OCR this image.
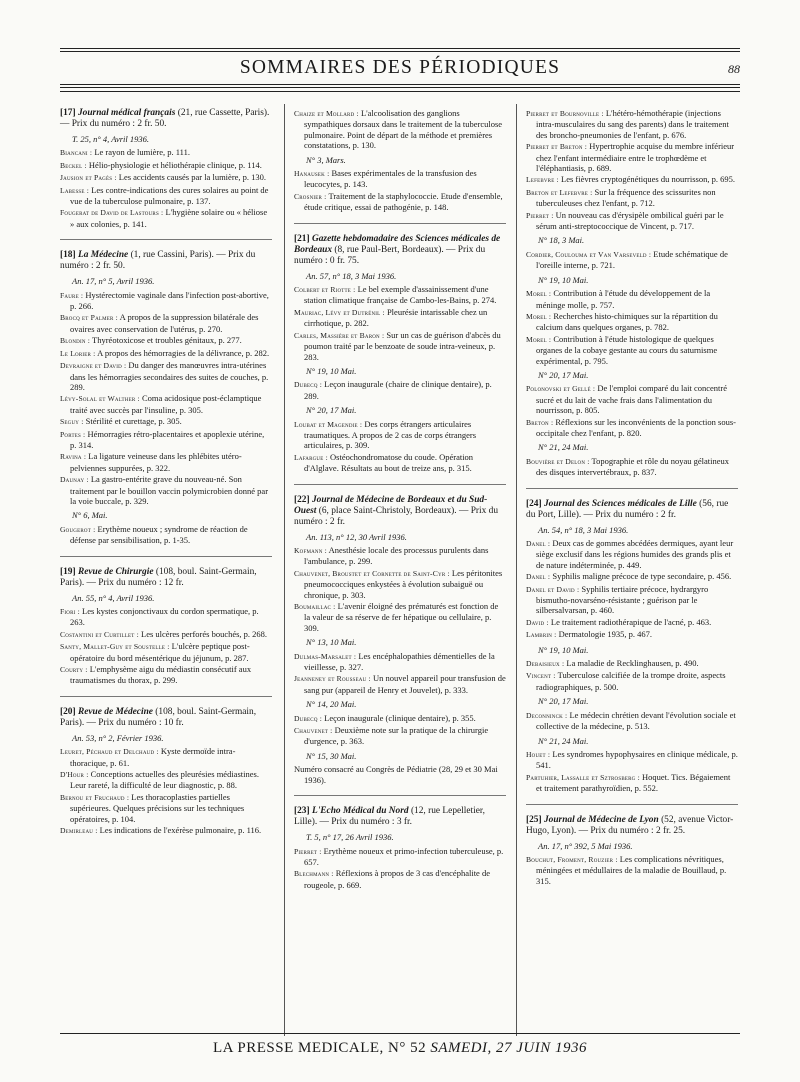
SOMMAIRES DES PÉRIODIQUES	88
[17] Journal médical français (21, rue Cassette, Paris). — Prix du numéro : 2 fr. 50.
T. 25, n° 4, Avril 1936.
Biancani : Le rayon de lumière, p. 111.
Beckel : Hélio-physiologie et héliothérapie clinique, p. 114.
Jausion et Pagès : Les accidents causés par la lumière, p. 130.
Labesse : Les contre-indications des cures solaires au point de vue de la tuberculose pulmonaire, p. 137.
Fougerat de David de Lastours : L'hygiène solaire ou « héliose » aux colonies, p. 141.
[18] La Médecine (1, rue Cassini, Paris). — Prix du numéro : 2 fr. 50.
An. 17, n° 5, Avril 1936.
Faure : Hystérectomie vaginale dans l'infection post-abortive, p. 266.
Brocq et Palmer : A propos de la suppression bilatérale des ovaires avec conservation de l'utérus, p. 270.
Blondin : Thyréotoxicose et troubles génitaux, p. 277.
Le Lorier : A propos des hémorragies de la délivrance, p. 282.
Devraigne et David : Du danger des manœuvres intra-utérines dans les hémorragies secondaires des suites de couches, p. 289.
Lévy-Solal et Walther : Coma acidosique post-éclamptique traité avec succès par l'insuline, p. 305.
Seguy : Stérilité et curettage, p. 305.
Portes : Hémorragies rétro-placentaires et apoplexie utérine, p. 314.
Ravina : La ligature veineuse dans les phlébites utéro-pelviennes suppurées, p. 322.
Daunay : La gastro-entérite grave du nouveau-né. Son traitement par le bouillon vaccin polymicrobien donné par la voie buccale, p. 329.
N° 6, Mai.
Gougerot : Erythème noueux ; syndrome de réaction de défense par sensibilisation, p. 1-35.
[19] Revue de Chirurgie (108, boul. Saint-Germain, Paris). — Prix du numéro : 12 fr.
An. 55, n° 4, Avril 1936.
Fiori : Les kystes conjonctivaux du cordon spermatique, p. 263.
Costantini et Curtillet : Les ulcères perforés bouchés, p. 268.
Santy, Mallet-Guy et Soustelle : L'ulcère peptique post-opératoire du bord mésentérique du jéjunum, p. 287.
Courty : L'emphysème aigu du médiastin consécutif aux traumatismes du thorax, p. 299.
[20] Revue de Médecine (108, boul. Saint-Germain, Paris). — Prix du numéro : 10 fr.
An. 53, n° 2, Février 1936.
Leuret, Péchaud et Delchaud : Kyste dermoïde intra-thoracique, p. 61.
D'Hour : Conceptions actuelles des pleurésies médiastines. Leur rareté, la difficulté de leur diagnostic, p. 88.
Bernou et Fruchaud : Les thoracoplasties partielles supérieures. Quelques précisions sur les techniques opératoires, p. 104.
Demirleau : Les indications de l'exérèse pulmonaire, p. 116.
Chaize et Mollard : L'alcoolisation des ganglions sympathiques dorsaux dans le traitement de la tuberculose pulmonaire. Point de départ de la méthode et premières constatations, p. 130.
N° 3, Mars.
Hanausek : Bases expérimentales de la transfusion des leucocytes, p. 143.
Crosnier : Traitement de la staphylococcie. Etude d'ensemble, étude critique, essai de pathogénie, p. 148.
[21] Gazette hebdomadaire des Sciences médicales de Bordeaux (8, rue Paul-Bert, Bordeaux). — Prix du numéro : 0 fr. 75.
An. 57, n° 18, 3 Mai 1936.
Colbert et Riotte : Le bel exemple d'assainissement d'une station climatique française de Cambo-les-Bains, p. 274.
Mauriac, Lévy et Dutrénil : Pleurésie intarissable chez un cirrhotique, p. 282.
Carles, Massière et Baron : Sur un cas de guérison d'abcès du poumon traité par le benzoate de soude intra-veineux, p. 283.
N° 19, 10 Mai.
Dubecq : Leçon inaugurale (chaire de clinique dentaire), p. 289.
N° 20, 17 Mai.
Loubat et Magendie : Des corps étrangers articulaires traumatiques. A propos de 2 cas de corps étrangers articulaires, p. 309.
Lafargue : Ostéochondromatose du coude. Opération d'Alglave. Résultats au bout de treize ans, p. 315.
[22] Journal de Médecine de Bordeaux et du Sud-Ouest (6, place Saint-Christoly, Bordeaux). — Prix du numéro : 2 fr.
An. 113, n° 12, 30 Avril 1936.
Kofmann : Anesthésie locale des processus purulents dans l'ambulance, p. 299.
Chauvenet, Broustet et Cornette de Saint-Cyr : Les péritonites pneumococciques enkystées à évolution subaiguë ou chronique, p. 303.
Boumaillac : L'avenir éloigné des prématurés est fonction de la valeur de sa réserve de fer hépatique ou cellulaire, p. 309.
N° 13, 10 Mai.
Dulmas-Marsalet : Les encéphalopathies démentielles de la vieillesse, p. 327.
Jeanneney et Rousseau : Un nouvel appareil pour transfusion de sang pur (appareil de Henry et Jouvelet), p. 333.
N° 14, 20 Mai.
Dubecq : Leçon inaugurale (clinique dentaire), p. 355.
Chauvenet : Deuxième note sur la pratique de la chirurgie d'urgence, p. 363.
N° 15, 30 Mai.
Numéro consacré au Congrès de Pédiatrie (28, 29 et 30 Mai 1936).
[23] L'Echo Médical du Nord (12, rue Lepelletier, Lille). — Prix du numéro : 3 fr.
T. 5, n° 17, 26 Avril 1936.
Pierret : Erythème noueux et primo-infection tuberculeuse, p. 657.
Blechmann : Réflexions à propos de 3 cas d'encéphalite de rougeole, p. 669.
Pierret et Bournoville : L'hétéro-hémothérapie (injections intra-musculaires du sang des parents) dans le traitement des broncho-pneumonies de l'enfant, p. 676.
Pierret et Breton : Hypertrophie acquise du membre inférieur chez l'enfant intermédiaire entre le trophœdème et l'éléphantiasis, p. 689.
Lefebvre : Les fièvres cryptogénétiques du nourrisson, p. 695.
Breton et Lefebvre : Sur la fréquence des scissurites non tuberculeuses chez l'enfant, p. 712.
Pierret : Un nouveau cas d'érysipèle ombilical guéri par le sérum anti-streptococcique de Vincent, p. 717.
N° 18, 3 Mai.
Cordier, Coulouma et Van Varseveld : Etude schématique de l'oreille interne, p. 721.
N° 19, 10 Mai.
Morel : Contribution à l'étude du développement de la méninge molle, p. 757.
Morel : Recherches histo-chimiques sur la répartition du calcium dans quelques organes, p. 782.
Morel : Contribution à l'étude histologique de quelques organes de la cobaye gestante au cours du saturnisme expérimental, p. 795.
N° 20, 17 Mai.
Polonovski et Gellé : De l'emploi comparé du lait concentré sucré et du lait de vache frais dans l'alimentation du nourrisson, p. 805.
Breton : Réflexions sur les inconvénients de la ponction sous-occipitale chez l'enfant, p. 820.
N° 21, 24 Mai.
Bouvière et Delon : Topographie et rôle du noyau gélatineux des disques intervertébraux, p. 837.
[24] Journal des Sciences médicales de Lille (56, rue du Port, Lille). — Prix du numéro : 2 fr.
An. 54, n° 18, 3 Mai 1936.
Danel : Deux cas de gommes abcédées dermiques, ayant leur siège exclusif dans les régions humides des grands plis et de nature indéterminée, p. 449.
Danel : Syphilis maligne précoce de type secondaire, p. 456.
Danel et David : Syphilis tertiaire précoce, hydrargyro bismutho-novarséno-résistante ; guérison par le silbersalvarsan, p. 460.
David : Le traitement radiothérapique de l'acné, p. 463.
Lambrin : Dermatologie 1935, p. 467.
N° 19, 10 Mai.
Debaisieux : La maladie de Recklinghausen, p. 490.
Vincent : Tuberculose calcifiée de la trompe droite, aspects radiographiques, p. 500.
N° 20, 17 Mai.
Deconninck : Le médecin chrétien devant l'évolution sociale et collective de la médecine, p. 513.
N° 21, 24 Mai.
Houet : Les syndromes hypophysaires en clinique médicale, p. 541.
Partuhier, Lassalle et Sztrosberg : Hoquet. Tics. Bégaiement et traitement parathyroïdien, p. 552.
[25] Journal de Médecine de Lyon (52, avenue Victor-Hugo, Lyon). — Prix du numéro : 2 fr. 25.
An. 17, n° 392, 5 Mai 1936.
Bouchut, Froment, Rouzier : Les complications névritiques, méningées et médullaires de la maladie de Bouillaud, p. 315.
LA PRESSE MEDICALE, N° 52 SAMEDI, 27 JUIN 1936
